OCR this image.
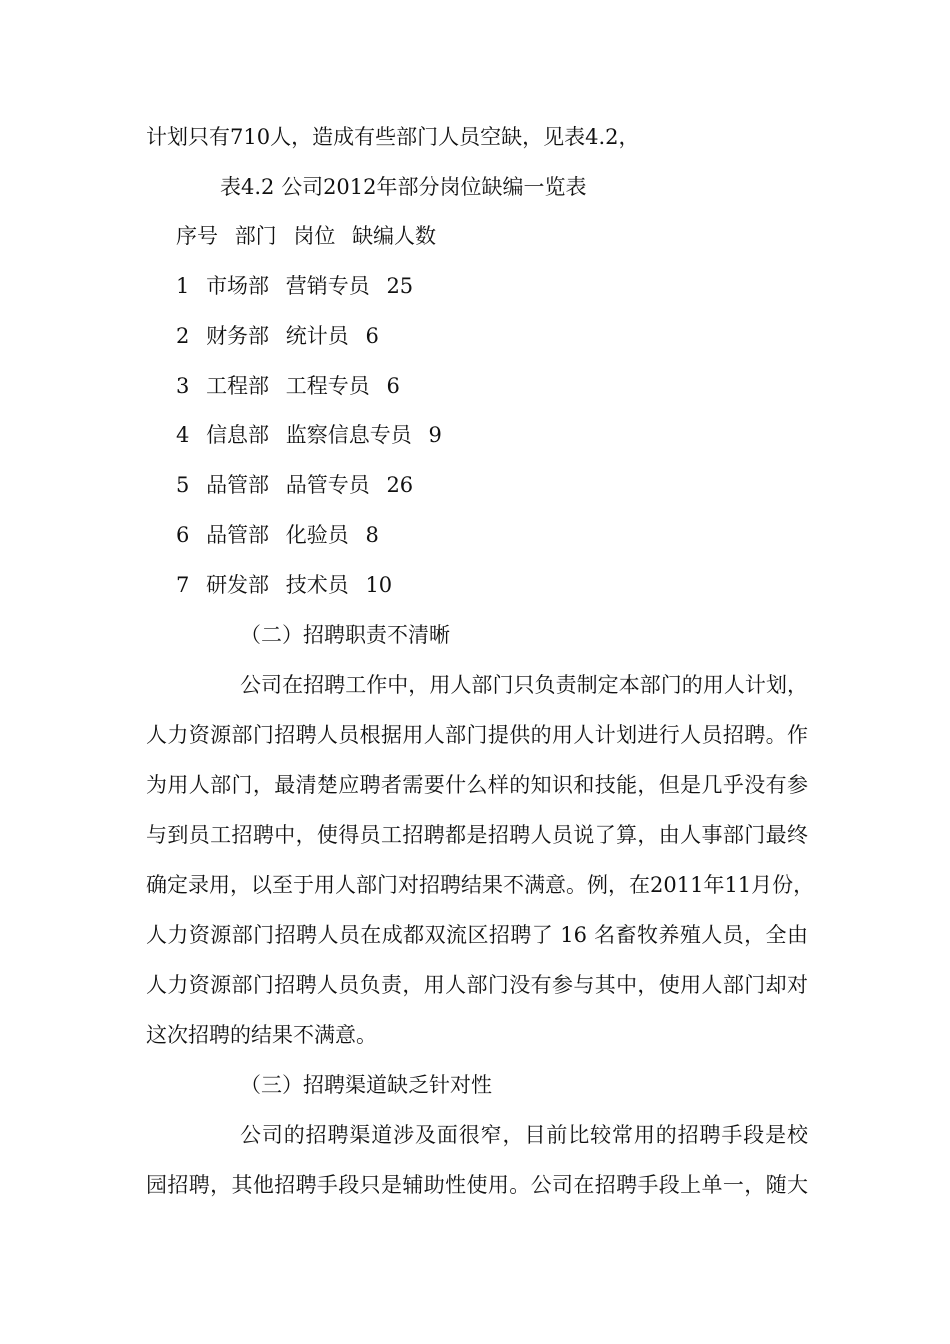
计划只有710人，造成有些部门人员空缺，见表4.2，
表4.2 公司2012年部分岗位缺编一览表
序号 部门 岗位 缺编人数
1 市场部 营销专员 25
2 财务部 统计员 6
3 工程部 工程专员 6
4 信息部 监察信息专员 9
5 品管部 品管专员 26
6 品管部 化验员 8
7 研发部 技术员 10
（二）招聘职责不清晰
公司在招聘工作中，用人部门只负责制定本部门的用人计划，
人力资源部门招聘人员根据用人部门提供的用人计划进行人员招聘。作
为用人部门，最清楚应聘者需要什么样的知识和技能，但是几乎没有参
与到员工招聘中，使得员工招聘都是招聘人员说了算，由人事部门最终
确定录用，以至于用人部门对招聘结果不满意。例，在2011年11月份，
人力资源部门招聘人员在成都双流区招聘了 16 名畜牧养殖人员，全由
人力资源部门招聘人员负责，用人部门没有参与其中，使用人部门却对
这次招聘的结果不满意。
（三）招聘渠道缺乏针对性
公司的招聘渠道涉及面很窄，目前比较常用的招聘手段是校
园招聘，其他招聘手段只是辅助性使用。公司在招聘手段上单一，随大
